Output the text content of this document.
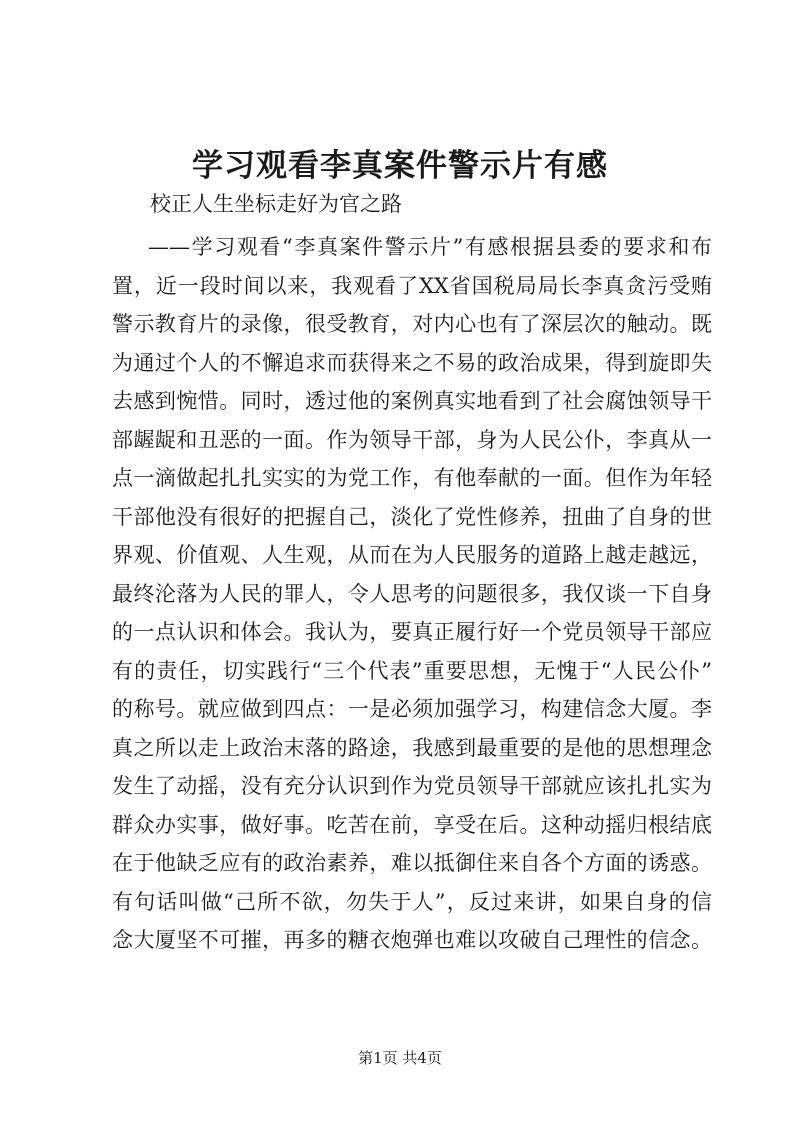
学习观看李真案件警示片有感

校正人生坐标走好为官之路

——学习观看“李真案件警示片”有感根据县委的要求和布
置，近一段时间以来，我观看了XX省国税局局长李真贪污受贿
警示教育片的录像，很受教育，对内心也有了深层次的触动。既
为通过个人的不懈追求而获得来之不易的政治成果，得到旋即失
去感到惋惜。同时，透过他的案例真实地看到了社会腐蚀领导干
部龌龊和丑恶的一面。作为领导干部，身为人民公仆，李真从一
点一滴做起扎扎实实的为党工作，有他奉献的一面。但作为年轻
干部他没有很好的把握自己，淡化了党性修养，扭曲了自身的世
界观、价值观、人生观，从而在为人民服务的道路上越走越远，
最终沦落为人民的罪人，令人思考的问题很多，我仅谈一下自身
的一点认识和体会。我认为，要真正履行好一个党员领导干部应
有的责任，切实践行“三个代表”重要思想，无愧于“人民公仆”
的称号。就应做到四点：一是必须加强学习，构建信念大厦。李
真之所以走上政治末落的路途，我感到最重要的是他的思想理念
发生了动摇，没有充分认识到作为党员领导干部就应该扎扎实为
群众办实事，做好事。吃苦在前，享受在后。这种动摇归根结底
在于他缺乏应有的政治素养，难以抵御住来自各个方面的诱惑。
有句话叫做“己所不欲，勿失于人”，反过来讲，如果自身的信
念大厦坚不可摧，再多的糖衣炮弹也难以攻破自己理性的信念。
第1页 共4页
